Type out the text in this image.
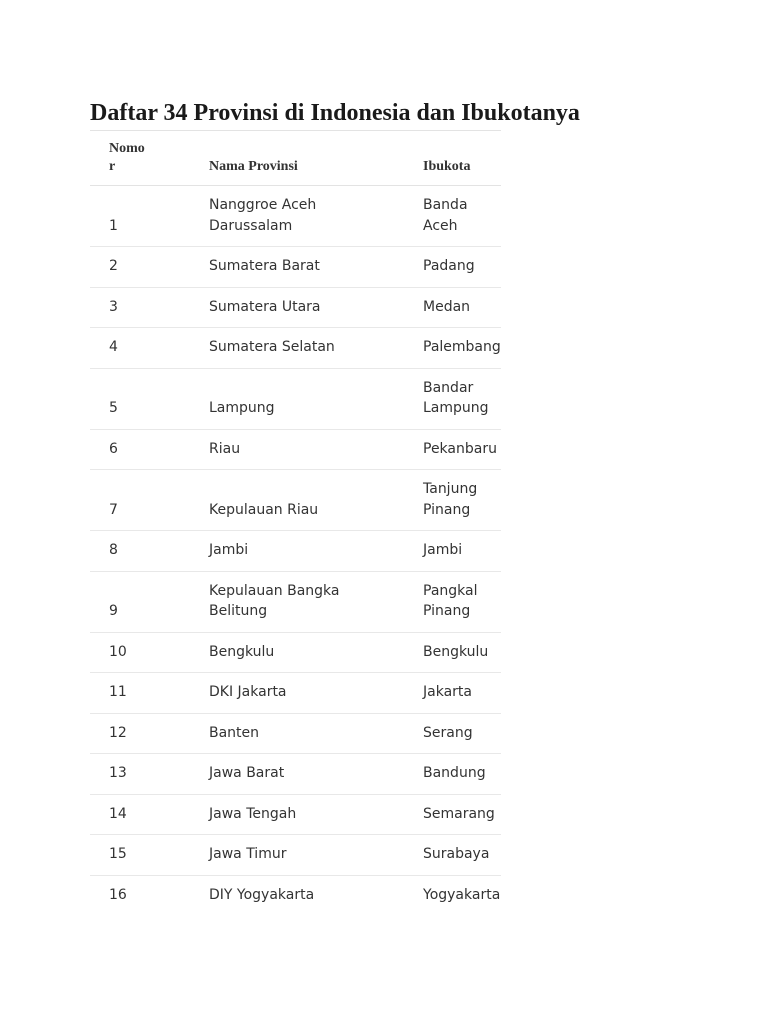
Daftar 34 Provinsi di Indonesia dan Ibukotanya
Nomor	Nama Provinsi	Ibukota
1	Nanggroe Aceh Darussalam	Banda Aceh

2	Sumatera Barat	Padang

3	Sumatera Utara	Medan

4	Sumatera Selatan	Palembang

5	Lampung	Bandar Lampung

6	Riau	Pekanbaru

7	Kepulauan Riau	Tanjung Pinang

8	Jambi	Jambi

9	Kepulauan Bangka Belitung	Pangkal Pinang

10	Bengkulu	Bengkulu

11	DKI Jakarta	Jakarta

12	Banten	Serang

13	Jawa Barat	Bandung

14	Jawa Tengah	Semarang

15	Jawa Timur	Surabaya

16	DIY Yogyakarta	Yogyakarta
